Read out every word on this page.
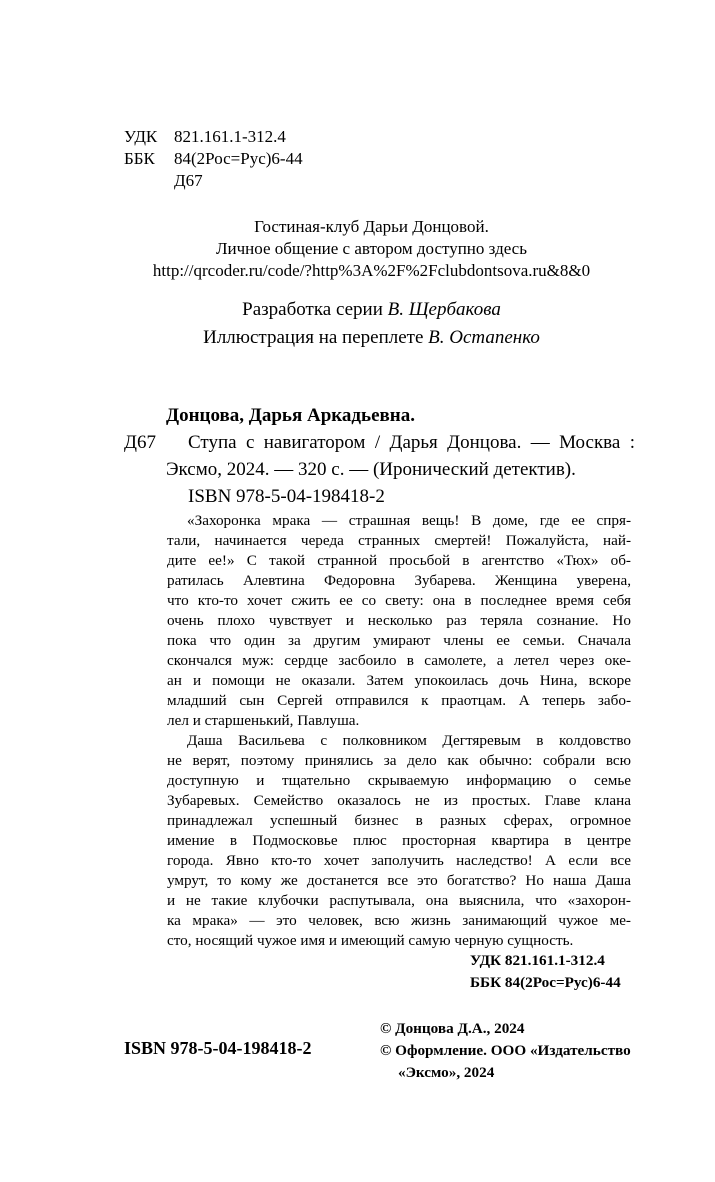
УДК 821.161.1-312.4
ББК 84(2Рос=Рус)6-44
Д67

Гостиная-клуб Дарьи Донцовой.

Личное общение с автором доступно здесь

http://qrcoder.ru/code/?http%3A%2F%2Fclubdontsova.ru&8&0

Разработка серии В. Щербакова

Иллюстрация на переплете В. Остапенко

Донцова, Дарья Аркадьевна.
Д67 Ступа с навигатором / Дарья Донцова. — Москва :

Эксмо, 2024. — 320 с. — (Иронический детектив).

ISBN 978-5-04-198418-2

«Захоронка мрака — страшная вещь! В доме, где ее спря-

тали, начинается череда странных смертей! Пожалуйста, най-

дите ее!» С такой странной просьбой в агентство «Тюх» об-

ратилась Алевтина Федоровна Зубарева. Женщина уверена,

что кто-то хочет сжить ее со свету: она в последнее время себя

очень плохо чувствует и несколько раз теряла сознание. Но

пока что один за другим умирают члены ее семьи. Сначала

скончался муж: сердце засбоило в самолете, а летел через оке-

ан и помощи не оказали. Затем упокоилась дочь Нина, вскоре

младший сын Сергей отправился к праотцам. А теперь забо-

лел и старшенький, Павлуша.

Даша Васильева с полковником Дегтяревым в колдовство

не верят, поэтому принялись за дело как обычно: собрали всю

доступную и тщательно скрываемую информацию о семье

Зубаревых. Семейство оказалось не из простых. Главе клана

принадлежал успешный бизнес в разных сферах, огромное

имение в Подмосковье плюс просторная квартира в центре

города. Явно кто-то хочет заполучить наследство! А если все

умрут, то кому же достанется все это богатство? Но наша Даша

и не такие клубочки распутывала, она выяснила, что «захорон-

ка мрака» — это человек, всю жизнь занимающий чужое ме-

сто, носящий чужое имя и имеющий самую черную сущность.

УДК 821.161.1-312.4
ББК 84(2Рос=Рус)6-44
© Донцова Д.А., 2024
© Оформление. ООО «Издательство
«Эксмо», 2024
ISBN 978-5-04-198418-2
